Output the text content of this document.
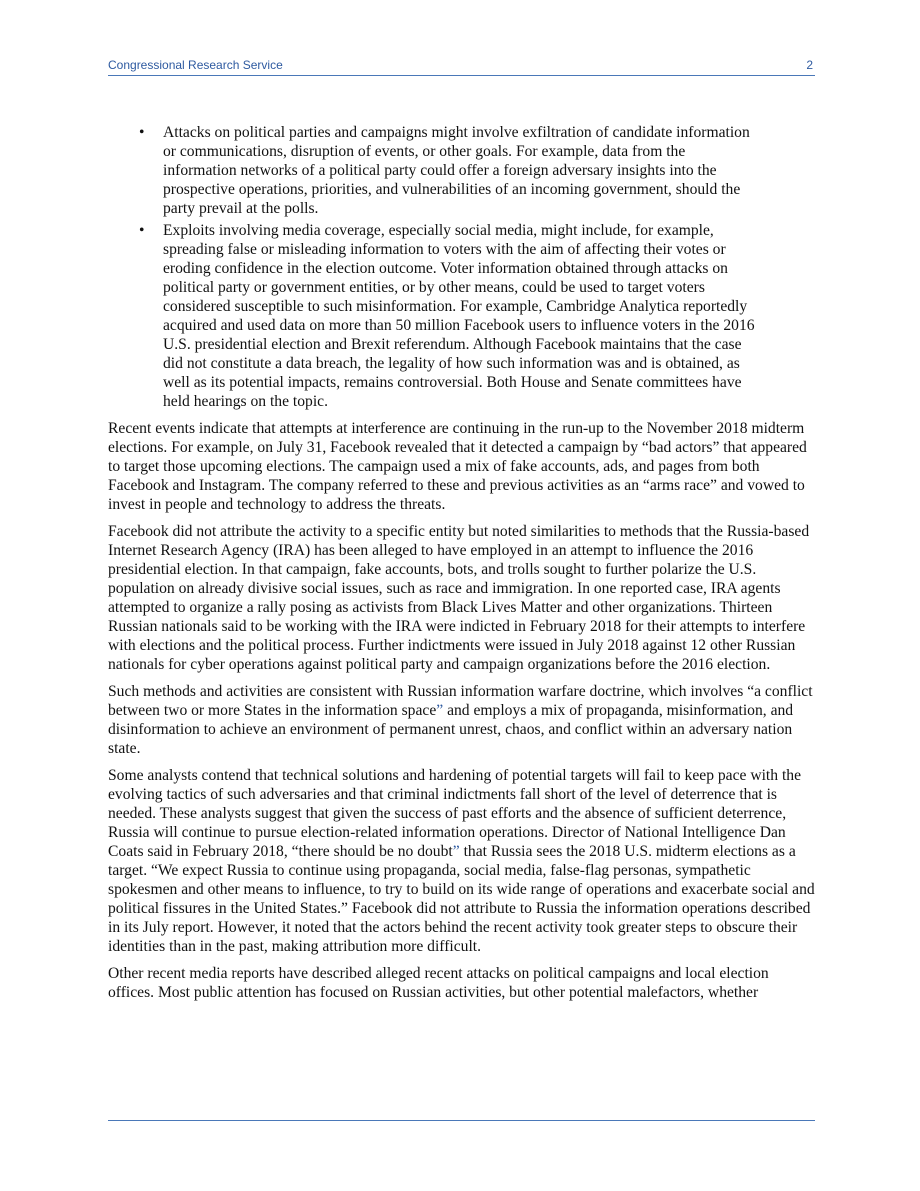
Congressional Research Service	2
• Attacks on political parties and campaigns might involve exfiltration of candidate information or communications, disruption of events, or other goals. For example, data from the information networks of a political party could offer a foreign adversary insights into the prospective operations, priorities, and vulnerabilities of an incoming government, should the party prevail at the polls.
• Exploits involving media coverage, especially social media, might include, for example, spreading false or misleading information to voters with the aim of affecting their votes or eroding confidence in the election outcome. Voter information obtained through attacks on political party or government entities, or by other means, could be used to target voters considered susceptible to such misinformation. For example, Cambridge Analytica reportedly acquired and used data on more than 50 million Facebook users to influence voters in the 2016 U.S. presidential election and Brexit referendum. Although Facebook maintains that the case did not constitute a data breach, the legality of how such information was and is obtained, as well as its potential impacts, remains controversial. Both House and Senate committees have held hearings on the topic.

Recent events indicate that attempts at interference are continuing in the run-up to the November 2018 midterm elections. For example, on July 31, Facebook revealed that it detected a campaign by “bad actors” that appeared to target those upcoming elections. The campaign used a mix of fake accounts, ads, and pages from both Facebook and Instagram. The company referred to these and previous activities as an “arms race” and vowed to invest in people and technology to address the threats.

Facebook did not attribute the activity to a specific entity but noted similarities to methods that the Russia-based Internet Research Agency (IRA) has been alleged to have employed in an attempt to influence the 2016 presidential election. In that campaign, fake accounts, bots, and trolls sought to further polarize the U.S. population on already divisive social issues, such as race and immigration. In one reported case, IRA agents attempted to organize a rally posing as activists from Black Lives Matter and other organizations. Thirteen Russian nationals said to be working with the IRA were indicted in February 2018 for their attempts to interfere with elections and the political process. Further indictments were issued in July 2018 against 12 other Russian nationals for cyber operations against political party and campaign organizations before the 2016 election.

Such methods and activities are consistent with Russian information warfare doctrine, which involves “a conflict between two or more States in the information space” and employs a mix of propaganda, misinformation, and disinformation to achieve an environment of permanent unrest, chaos, and conflict within an adversary nation state.

Some analysts contend that technical solutions and hardening of potential targets will fail to keep pace with the evolving tactics of such adversaries and that criminal indictments fall short of the level of deterrence that is needed. These analysts suggest that given the success of past efforts and the absence of sufficient deterrence, Russia will continue to pursue election-related information operations. Director of National Intelligence Dan Coats said in February 2018, “there should be no doubt” that Russia sees the 2018 U.S. midterm elections as a target. “We expect Russia to continue using propaganda, social media, false-flag personas, sympathetic spokesmen and other means to influence, to try to build on its wide range of operations and exacerbate social and political fissures in the United States.” Facebook did not attribute to Russia the information operations described in its July report. However, it noted that the actors behind the recent activity took greater steps to obscure their identities than in the past, making attribution more difficult.

Other recent media reports have described alleged recent attacks on political campaigns and local election offices. Most public attention has focused on Russian activities, but other potential malefactors, whether
